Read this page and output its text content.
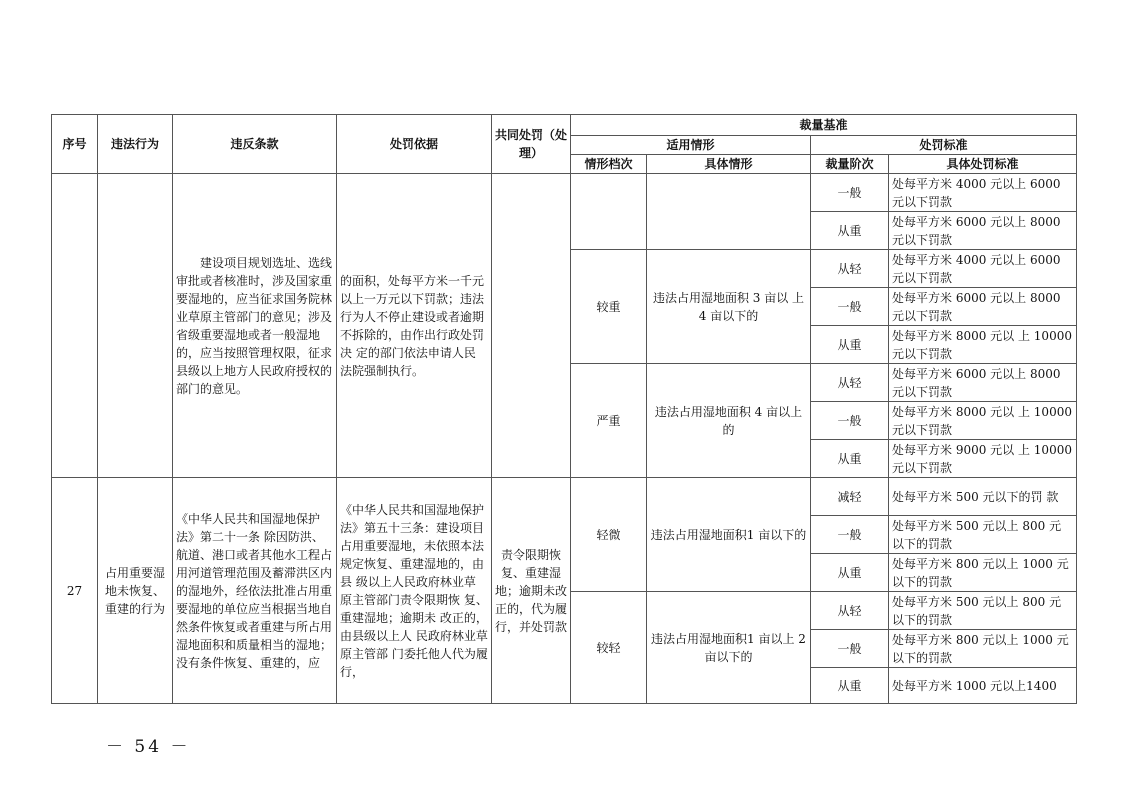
序号	违法行为	违反条款	处罚依据	共同处罚（处理）	裁量基准			
					适用情形		处罚标准	
					情形档次	具体情形	裁量阶次	具体处罚标准

		建设项目规划选址、选线审批或者核准时，涉及国家重要湿地的，应当征求国务院林业草原主管部门的意见；涉及省级重要湿地或者一般湿地的，应当按照管理权限，征求县级以上地方人民政府授权的部门的意见。	的面积，处每平方米一千元以上一万元以下罚款；违法行为人不停止建设或者逾期不拆除的，由作出行政处罚决 定的部门依法申请人民 法院强制执行。				一般	处每平方米 4000 元以上 6000 元以下罚款
							从重	处每平方米 6000 元以上 8000 元以下罚款
					较重	违法占用湿地面积 3 亩以 上 4 亩以下的	从轻	处每平方米 4000 元以上 6000 元以下罚款
							一般	处每平方米 6000 元以上 8000 元以下罚款
							从重	处每平方米 8000 元以 上 10000 元以下罚款
					严重	违法占用湿地面积 4 亩以上的	从轻	处每平方米 6000 元以上 8000 元以下罚款
							一般	处每平方米 8000 元以 上 10000 元以下罚款
							从重	处每平方米 9000 元以 上 10000 元以下罚款
27	占用重要湿地未恢复、重建的行为	《中华人民共和国湿地保护法》第二十一条 除因防洪、航道、港口或者其他水工程占用河道管理范围及蓄滞洪区内的湿地外，经依法批准占用重要湿地的单位应当根据当地自然条件恢复或者重建与所占用湿地面积和质量相当的湿地；没有条件恢复、重建的，应	《中华人民共和国湿地保护法》第五十三条：建设项目占用重要湿地，未依照本法规定恢复、重建湿地的，由县 级以上人民政府林业草 原主管部门责令限期恢 复、重建湿地；逾期未 改正的， 由县级以上人 民政府林业草原主管部 门委托他人代为履行，	责令限期恢复、重建湿地；逾期未改正的，代为履行，并处罚款	轻微	违法占用湿地面积1 亩以下的	减轻	处每平方米 500 元以下的罚 款
							一般	处每平方米 500 元以上 800 元以下的罚款
							从重	处每平方米 800 元以上 1000 元以下的罚款
					较轻	违法占用湿地面积1 亩以上 2 亩以下的	从轻	处每平方米 500 元以上 800 元以下的罚款
							一般	处每平方米 800 元以上 1000 元以下的罚款
							从重	处每平方米 1000 元以上1400
－ 54 －
